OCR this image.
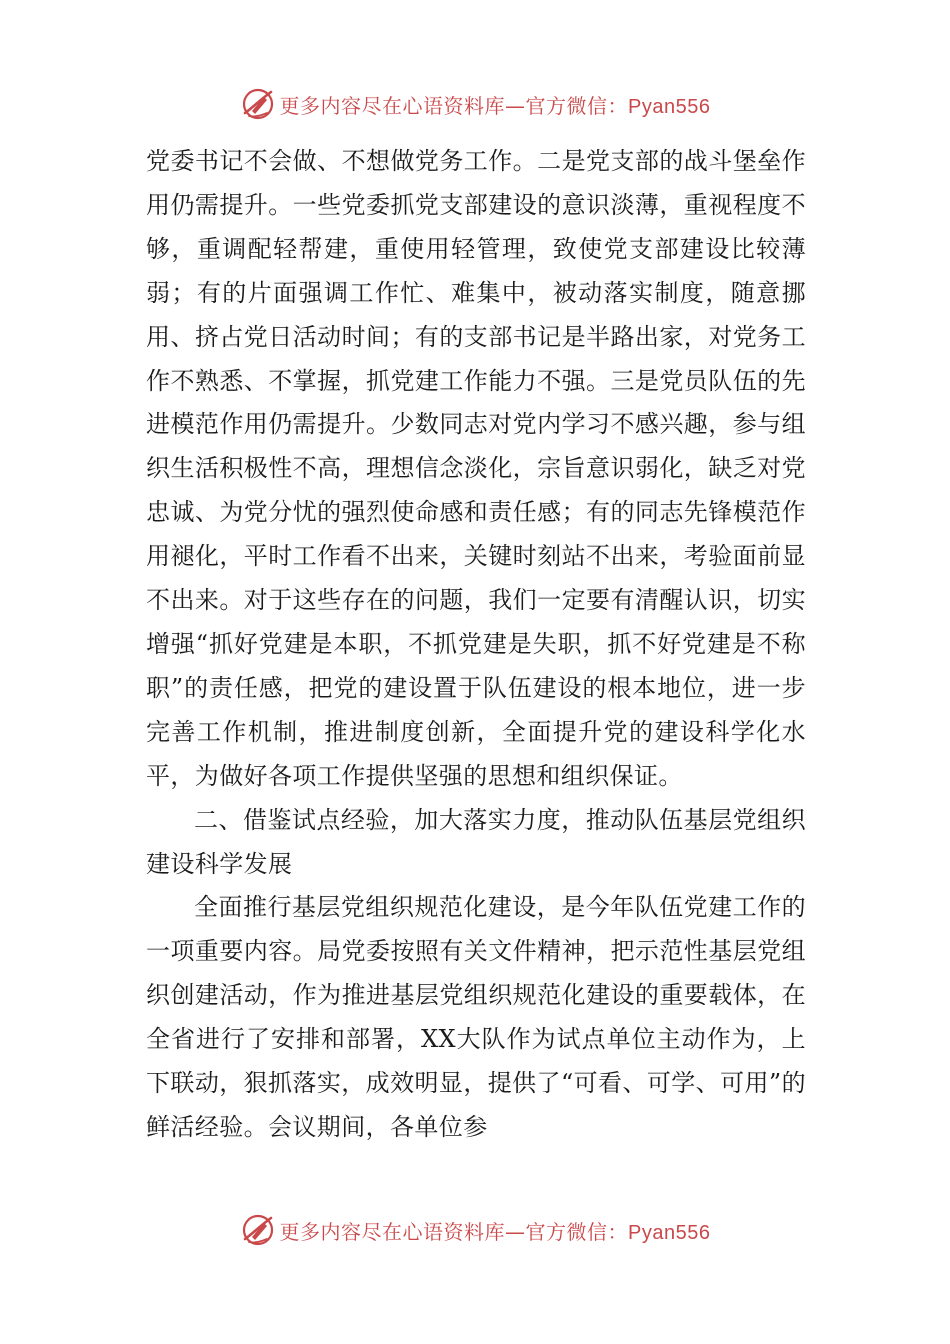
更多内容尽在心语资料库—官方微信：Pyan556

党委书记不会做、不想做党务工作。二是党支部的战斗堡垒作用仍需提升。一些党委抓党支部建设的意识淡薄，重视程度不够，重调配轻帮建，重使用轻管理，致使党支部建设比较薄弱；有的片面强调工作忙、难集中，被动落实制度，随意挪用、挤占党日活动时间；有的支部书记是半路出家，对党务工作不熟悉、不掌握，抓党建工作能力不强。三是党员队伍的先进模范作用仍需提升。少数同志对党内学习不感兴趣，参与组织生活积极性不高，理想信念淡化，宗旨意识弱化，缺乏对党忠诚、为党分忧的强烈使命感和责任感；有的同志先锋模范作用褪化，平时工作看不出来，关键时刻站不出来，考验面前显不出来。对于这些存在的问题，我们一定要有清醒认识，切实增强“抓好党建是本职，不抓党建是失职，抓不好党建是不称职”的责任感，把党的建设置于队伍建设的根本地位，进一步完善工作机制，推进制度创新，全面提升党的建设科学化水平，为做好各项工作提供坚强的思想和组织保证。

二、借鉴试点经验，加大落实力度，推动队伍基层党组织建设科学发展

全面推行基层党组织规范化建设，是今年队伍党建工作的一项重要内容。局党委按照有关文件精神，把示范性基层党组织创建活动，作为推进基层党组织规范化建设的重要载体，在全省进行了安排和部署，XX大队作为试点单位主动作为，上下联动，狠抓落实，成效明显，提供了“可看、可学、可用”的鲜活经验。会议期间，各单位参

更多内容尽在心语资料库—官方微信：Pyan556
